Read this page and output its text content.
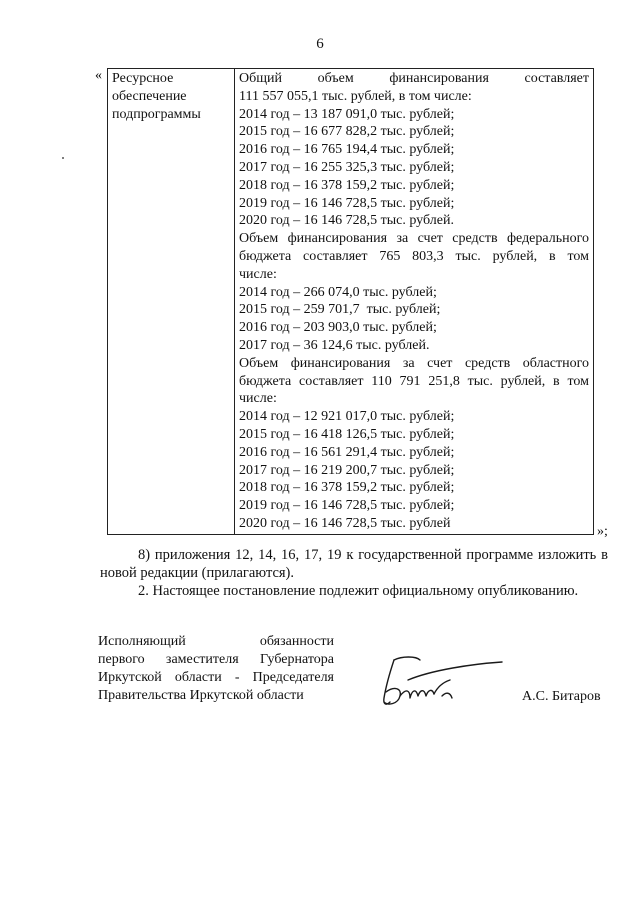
6
« Ресурсное
обеспечение
подпрограммы

Общий объем финансирования составляет
111 557 055,1 тыс. рублей, в том числе:
2014 год – 13 187 091,0 тыс. рублей;
2015 год – 16 677 828,2 тыс. рублей;
2016 год – 16 765 194,4 тыс. рублей;
2017 год – 16 255 325,3 тыс. рублей;
2018 год – 16 378 159,2 тыс. рублей;
2019 год – 16 146 728,5 тыс. рублей;
2020 год – 16 146 728,5 тыс. рублей.
Объем финансирования за счет средств федерального
бюджета составляет 765 803,3 тыс. рублей, в том
числе:
2014 год – 266 074,0 тыс. рублей;
2015 год – 259 701,7  тыс. рублей;
2016 год – 203 903,0 тыс. рублей;
2017 год – 36 124,6 тыс. рублей.
Объем финансирования за счет средств областного
бюджета составляет 110 791 251,8 тыс. рублей, в том
числе:
2014 год – 12 921 017,0 тыс. рублей;
2015 год – 16 418 126,5 тыс. рублей;
2016 год – 16 561 291,4 тыс. рублей;
2017 год – 16 219 200,7 тыс. рублей;
2018 год – 16 378 159,2 тыс. рублей;
2019 год – 16 146 728,5 тыс. рублей;
2020 год – 16 146 728,5 тыс. рублей
»;
8) приложения 12, 14, 16, 17, 19 к государственной программе изложить в новой редакции (прилагаются).
2. Настоящее постановление подлежит официальному опубликованию.
Исполняющий обязанности
первого заместителя Губернатора
Иркутской области - Председателя
Правительства Иркутской области	А.С. Битаров
